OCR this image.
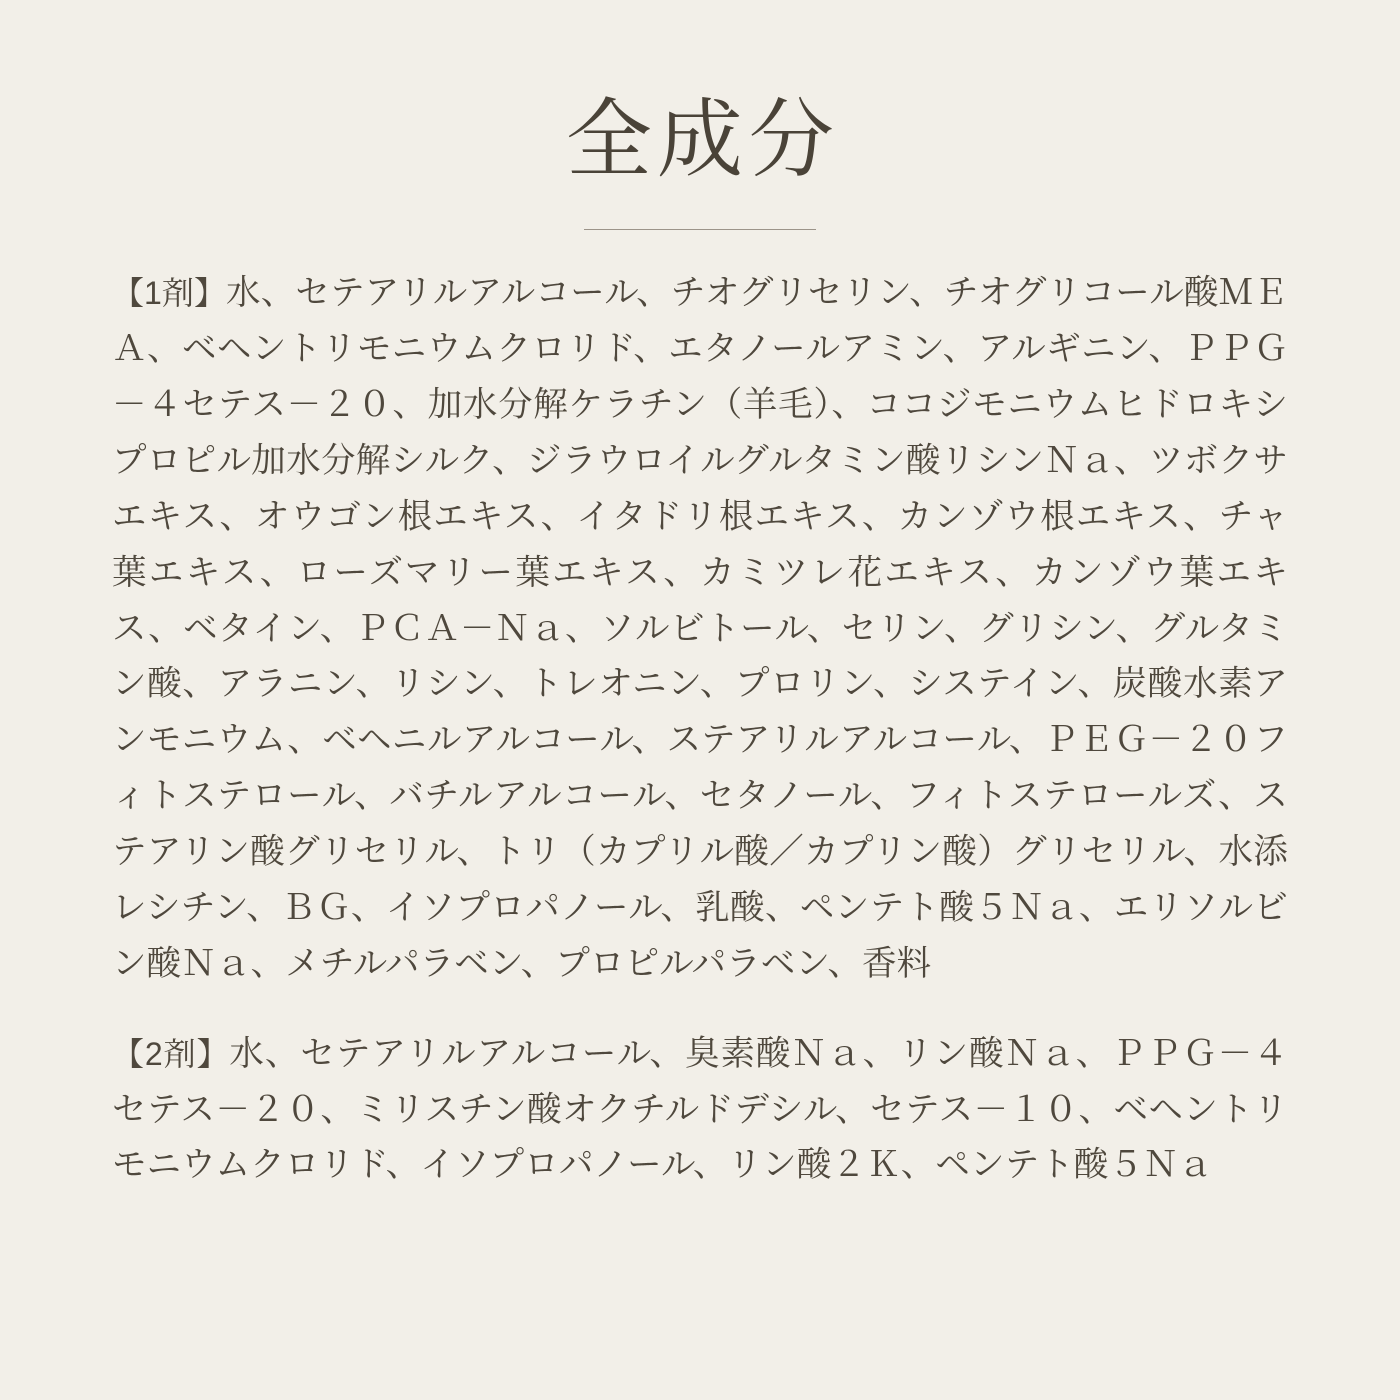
全成分

【1剤】水、セテアリルアルコール、チオグリセリン、チオグリコール酸ＭＥＡ、ベヘントリモニウムクロリド、エタノールアミン、アルギニン、ＰＰＧ－４セテス－２０、加水分解ケラチン（羊毛）、ココジモニウムヒドロキシプロピル加水分解シルク、ジラウロイルグルタミン酸リシンＮａ、ツボクサエキス、オウゴン根エキス、イタドリ根エキス、カンゾウ根エキス、チャ葉エキス、ローズマリー葉エキス、カミツレ花エキス、カンゾウ葉エキス、ベタイン、ＰＣＡ－Ｎａ、ソルビトール、セリン、グリシン、グルタミン酸、アラニン、リシン、トレオニン、プロリン、システイン、炭酸水素アンモニウム、ベヘニルアルコール、ステアリルアルコール、ＰＥＧ－２０フィトステロール、バチルアルコール、セタノール、フィトステロールズ、ステアリン酸グリセリル、トリ（カプリル酸／カプリン酸）グリセリル、水添レシチン、ＢＧ、イソプロパノール、乳酸、ペンテト酸５Ｎａ、エリソルビン酸Ｎａ、メチルパラベン、プロピルパラベン、香料

【2剤】水、セテアリルアルコール、臭素酸Ｎａ、リン酸Ｎａ、ＰＰＧ－４セテス－２０、ミリスチン酸オクチルドデシル、セテス－１０、ベヘントリモニウムクロリド、イソプロパノール、リン酸２Ｋ、ペンテト酸５Ｎａ
